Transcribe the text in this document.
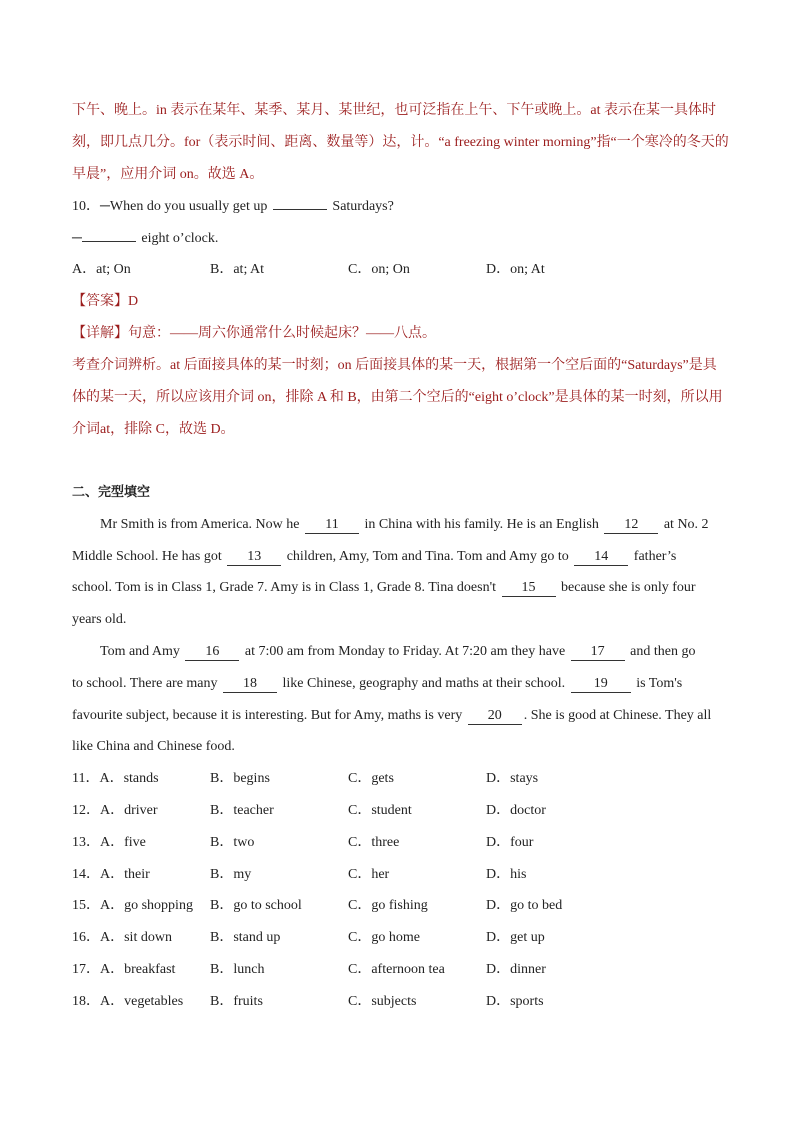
下午、晚上。in 表示在某年、某季、某月、某世纪，也可泛指在上午、下午或晚上。at 表示在某一具体时
刻，即几点几分。for（表示时间、距离、数量等）达，计。“a freezing winter morning”指“一个寒冷的冬天的
早晨”，应用介词 on。故选 A。
10．─When do you usually get up	Saturdays?
─	eight o’clock.
A．at; On	B．at; At	C．on; On	D．on; At
【答案】D
【详解】句意：——周六你通常什么时候起床？——八点。
考查介词辨析。at 后面接具体的某一时刻；on 后面接具体的某一天，根据第一个空后面的“Saturdays”是具
体的某一天，所以应该用介词 on，排除 A 和 B，由第二个空后的“eight o’clock”是具体的某一时刻，所以用
介词at，排除 C，故选 D。
二、完型填空
Mr Smith is from America. Now he 11 in China with his family. He is an English 12 at No. 2
Middle School. He has got 13 children, Amy, Tom and Tina. Tom and Amy go to 14 father’s
school. Tom is in Class 1, Grade 7. Amy is in Class 1, Grade 8. Tina doesn't 15 because she is only four
years old.
Tom and Amy 16 at 7:00 am from Monday to Friday. At 7:20 am they have 17 and then go
to school. There are many 18 like Chinese, geography and maths at their school. 19 is Tom's
favourite subject, because it is interesting. But for Amy, maths is very 20 . She is good at Chinese. They all
like China and Chinese food.
11．A．stands	B．begins	C．gets	D．stays
12．A．driver	B．teacher	C．student	D．doctor
13．A．five	B．two	C．three	D．four
14．A．their	B．my	C．her	D．his
15．A．go shopping B．go to school	C．go fishing	D．go to bed
16．A．sit down	B．stand up	C．go home	D．get up
17．A．breakfast B．lunch	C．afternoon tea	D．dinner
18．A．vegetables B．fruits	C．subjects	D．sports
